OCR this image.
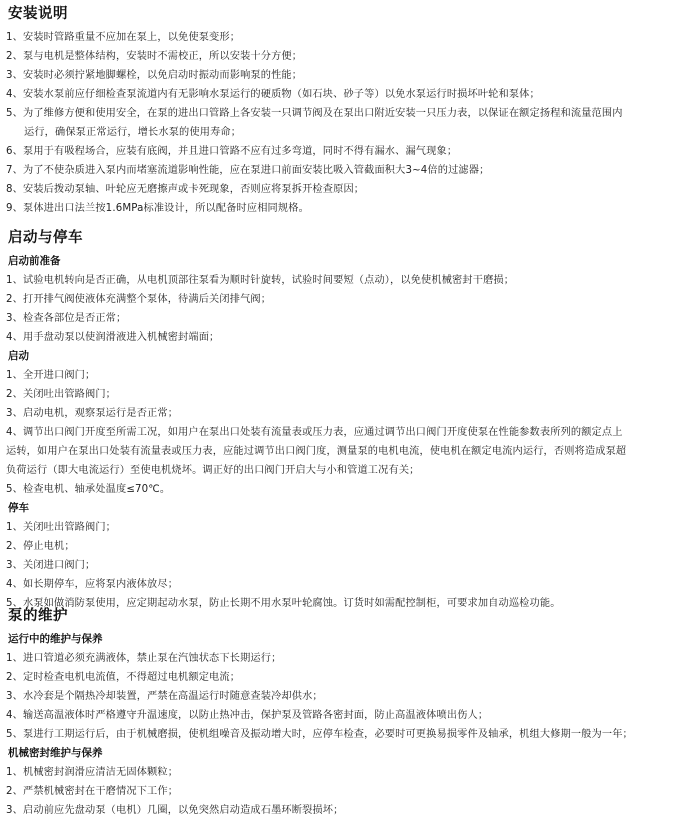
安装说明
1、安装时管路重量不应加在泵上，以免使泵变形；
2、泵与电机是整体结构，安装时不需校正，所以安装十分方便；
3、安装时必须拧紧地脚螺栓，以免启动时振动而影响泵的性能；
4、安装水泵前应仔细检查泵流道内有无影响水泵运行的硬质物（如石块、砂子等）以免水泵运行时损坏叶轮和泵体；
5、为了维修方便和使用安全，在泵的进出口管路上各安装一只调节阀及在泵出口附近安装一只压力表，以保证在额定扬程和流量范围内
运行，确保泵正常运行，增长水泵的使用寿命；
6、泵用于有吸程场合，应装有底阀，并且进口管路不应有过多弯道，同时不得有漏水、漏气现象；
7、为了不使杂质进入泵内而堵塞流道影响性能，应在泵进口前面安装比吸入管截面积大3~4倍的过滤器；
8、安装后拨动泵轴、叶轮应无磨擦声或卡死现象，否则应将泵拆开检查原因；
9、泵体进出口法兰按1.6MPa标准设计，所以配备时应相同规格。
启动与停车
启动前准备
1、试验电机转向是否正确，从电机顶部往泵看为顺时针旋转，试验时间要短（点动），以免使机械密封干磨损；
2、打开排气阀使液体充满整个泵体，待满后关闭排气阀；
3、检查各部位是否正常；
4、用手盘动泵以使润滑液进入机械密封端面；
启动
1、全开进口阀门；
2、关闭吐出管路阀门；
3、启动电机，观察泵运行是否正常；
4、调节出口阀门开度至所需工况，如用户在泵出口处装有流量表或压力表，应通过调节出口阀门开度使泵在性能参数表所列的额定点上
运转，如用户在泵出口处装有流量表或压力表，应能过调节出口阀门度，测量泵的电机电流，使电机在额定电流内运行，否则将造成泵超
负荷运行（即大电流运行）至使电机烧坏。调正好的出口阀门开启大与小和管道工况有关；
5、检查电机、轴承处温度≤70℃。
停车
1、关闭吐出管路阀门；
2、停止电机；
3、关闭进口阀门；
4、如长期停车，应将泵内液体放尽；
5、水泵如做消防泵使用，应定期起动水泵，防止长期不用水泵叶轮腐蚀。订货时如需配控制柜，可要求加自动巡检功能。
泵的维护
运行中的维护与保养
1、进口管道必须充满液体，禁止泵在汽蚀状态下长期运行；
2、定时检查电机电流值，不得超过电机额定电流；
3、水冷套是个隔热冷却装置，严禁在高温运行时随意查装冷却供水；
4、输送高温液体时严格遵守升温速度，以防止热冲击，保护泵及管路各密封面，防止高温液体喷出伤人；
5、泵进行工期运行后，由于机械磨损，使机组噪音及振动增大时，应停车检查，必要时可更换易损零件及轴承，机组大修期一般为一年；
机械密封维护与保养
1、机械密封润滑应清洁无固体颗粒；
2、严禁机械密封在干磨情况下工作；
3、启动前应先盘动泵（电机）几圈，以免突然启动造成石墨环断裂损坏；
